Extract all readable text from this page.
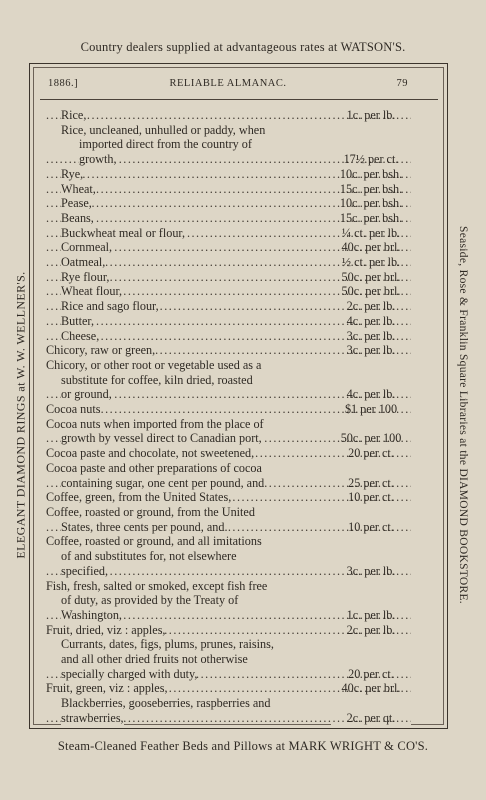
Country dealers supplied at advantageous rates at WATSON'S.
ELEGANT DIAMOND RINGS at W. W. WELLNER'S.	Seaside, Rose & Franklin Square Libraries at the DIAMOND BOOKSTORE.
1886.]	RELIABLE ALMANAC.	79
Rice,	1c. per lb.
.....
Rice, uncleaned, unhulled or paddy, when
imported direct from the country of
growth,	17½ per ct.
.....
Rye,	10c. per bsh.
.....
Wheat,	15c. per bsh.
.....
Pease,	10c. per bsh.
.....
Beans,	15c. per bsh.
.....
Buckwheat meal or flour,	¼ ct. per lb.
.....
Cornmeal,	40c. per brl.
.....
Oatmeal,	½ ct. per lb.
.....
Rye flour,	50c. per brl.
.....
Wheat flour,	50c. per brl.
.....
Rice and sago flour,	2c. per lb.
.....
Butter,	4c. per lb.
.....
Cheese,	3c. per lb.
.....
Chicory, raw or green,	3c. per lb.
.....
Chicory, or other root or vegetable used as a
substitute for coffee, kiln dried, roasted
or ground,	4c. per lb.
.....
Cocoa nuts	$1 per 100
.....
Cocoa nuts when imported from the place of
growth by vessel direct to Canadian port,	50c. per 100
.....
Cocoa paste and chocolate, not sweetened,	20 per ct.
.....
Cocoa paste and other preparations of cocoa
containing sugar, one cent per pound, and	25 per ct.
.....
Coffee, green, from the United States,	10 per ct.
.....
Coffee, roasted or ground, from the United
States, three cents per pound, and.	10 per ct.
.....
Coffee, roasted or ground, and all imitations
of and substitutes for, not elsewhere
specified,	3c. per lb.
.....
Fish, fresh, salted or smoked, except fish free
of duty, as provided by the Treaty of
Washington,	1c. per lb.
.....
Fruit, dried, viz : apples,	2c. per lb.
.....
Currants, dates, figs, plums, prunes, raisins,
and all other dried fruits not otherwise
specially charged with duty,	20 per ct.
.....
Fruit, green, viz : apples,	40c. per brl.
.....
Blackberries, gooseberries, raspberries and
strawberries,	2c. per qt.
.....
Steam-Cleaned Feather Beds and Pillows at MARK WRIGHT & CO'S.
